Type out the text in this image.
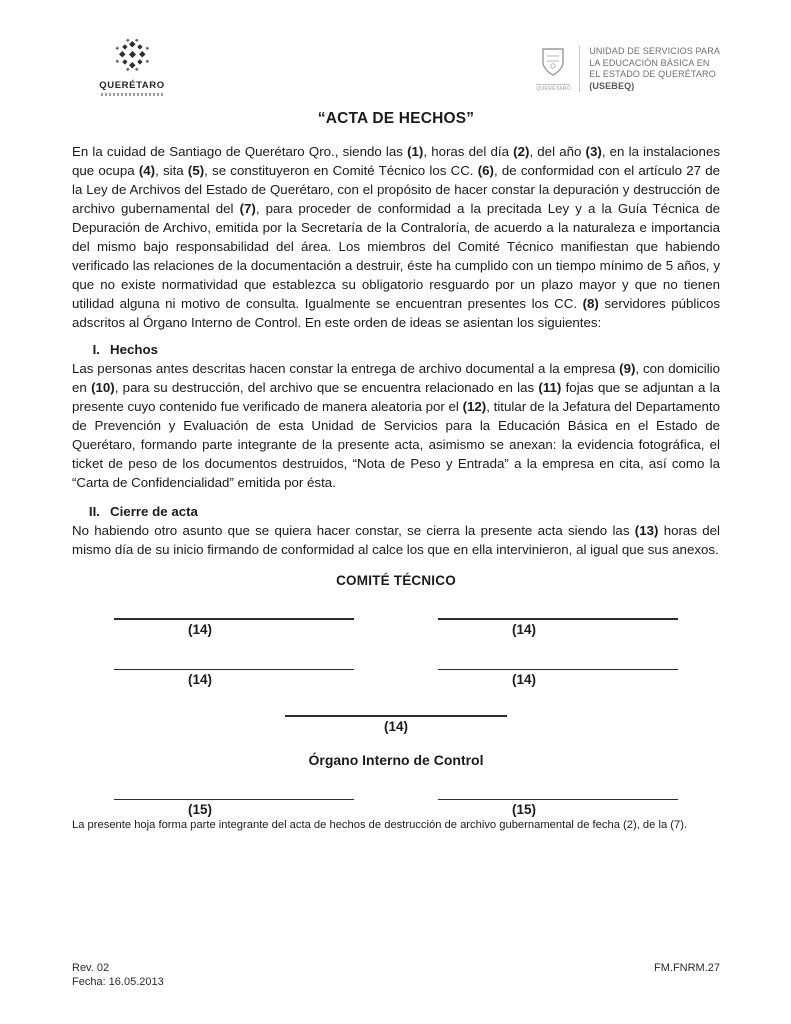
QUERÉTARO	QUERÉTARO
UNIDAD DE SERVICIOS PARA
LA EDUCACIÓN BÁSICA EN
EL ESTADO DE QUERÉTARO
(USEBEQ)
“ACTA DE HECHOS”

En la cuidad de Santiago de Querétaro Qro., siendo las (1), horas del día (2), del año (3), en la instalaciones que ocupa (4), sita (5), se constituyeron en Comité Técnico los CC. (6), de conformidad con el artículo 27 de la Ley de Archivos del Estado de Querétaro, con el propósito de hacer constar la depuración y destrucción de archivo gubernamental del (7), para proceder de conformidad a la precitada Ley y a la Guía Técnica de Depuración de Archivo, emitida por la Secretaría de la Contraloría, de acuerdo a la naturaleza e importancia del mismo bajo responsabilidad del área. Los miembros del Comité Técnico manifiestan que habiendo verificado las relaciones de la documentación a destruir, éste ha cumplido con un tiempo mínimo de 5 años, y que no existe normatividad que establezca su obligatorio resguardo por un plazo mayor y que no tienen utilidad alguna ni motivo de consulta. Igualmente se encuentran presentes los CC. (8) servidores públicos adscritos al Órgano Interno de Control. En este orden de ideas se asientan los siguientes:

I. Hechos

Las personas antes descritas hacen constar la entrega de archivo documental a la empresa (9), con domicilio en (10), para su destrucción, del archivo que se encuentra relacionado en las (11) fojas que se adjuntan a la presente cuyo contenido fue verificado de manera aleatoria por el (12), titular de la Jefatura del Departamento de Prevención y Evaluación de esta Unidad de Servicios para la Educación Básica en el Estado de Querétaro, formando parte integrante de la presente acta, asimismo se anexan: la evidencia fotográfica, el ticket de peso de los documentos destruidos, “Nota de Peso y Entrada” a la empresa en cita, así como la “Carta de Confidencialidad” emitida por ésta.

II. Cierre de acta

No habiendo otro asunto que se quiera hacer constar, se cierra la presente acta siendo las (13) horas del mismo día de su inicio firmando de conformidad al calce los que en ella intervinieron, al igual que sus anexos.

COMITÉ TÉCNICO
(14)	(14)
(14)	(14)
(14)
Órgano Interno de Control
(15)	(15)
La presente hoja forma parte integrante del acta de hechos de destrucción de archivo gubernamental de fecha (2), de la (7).
Rev. 02
Fecha: 16.05.2013
FM.FNRM.27
